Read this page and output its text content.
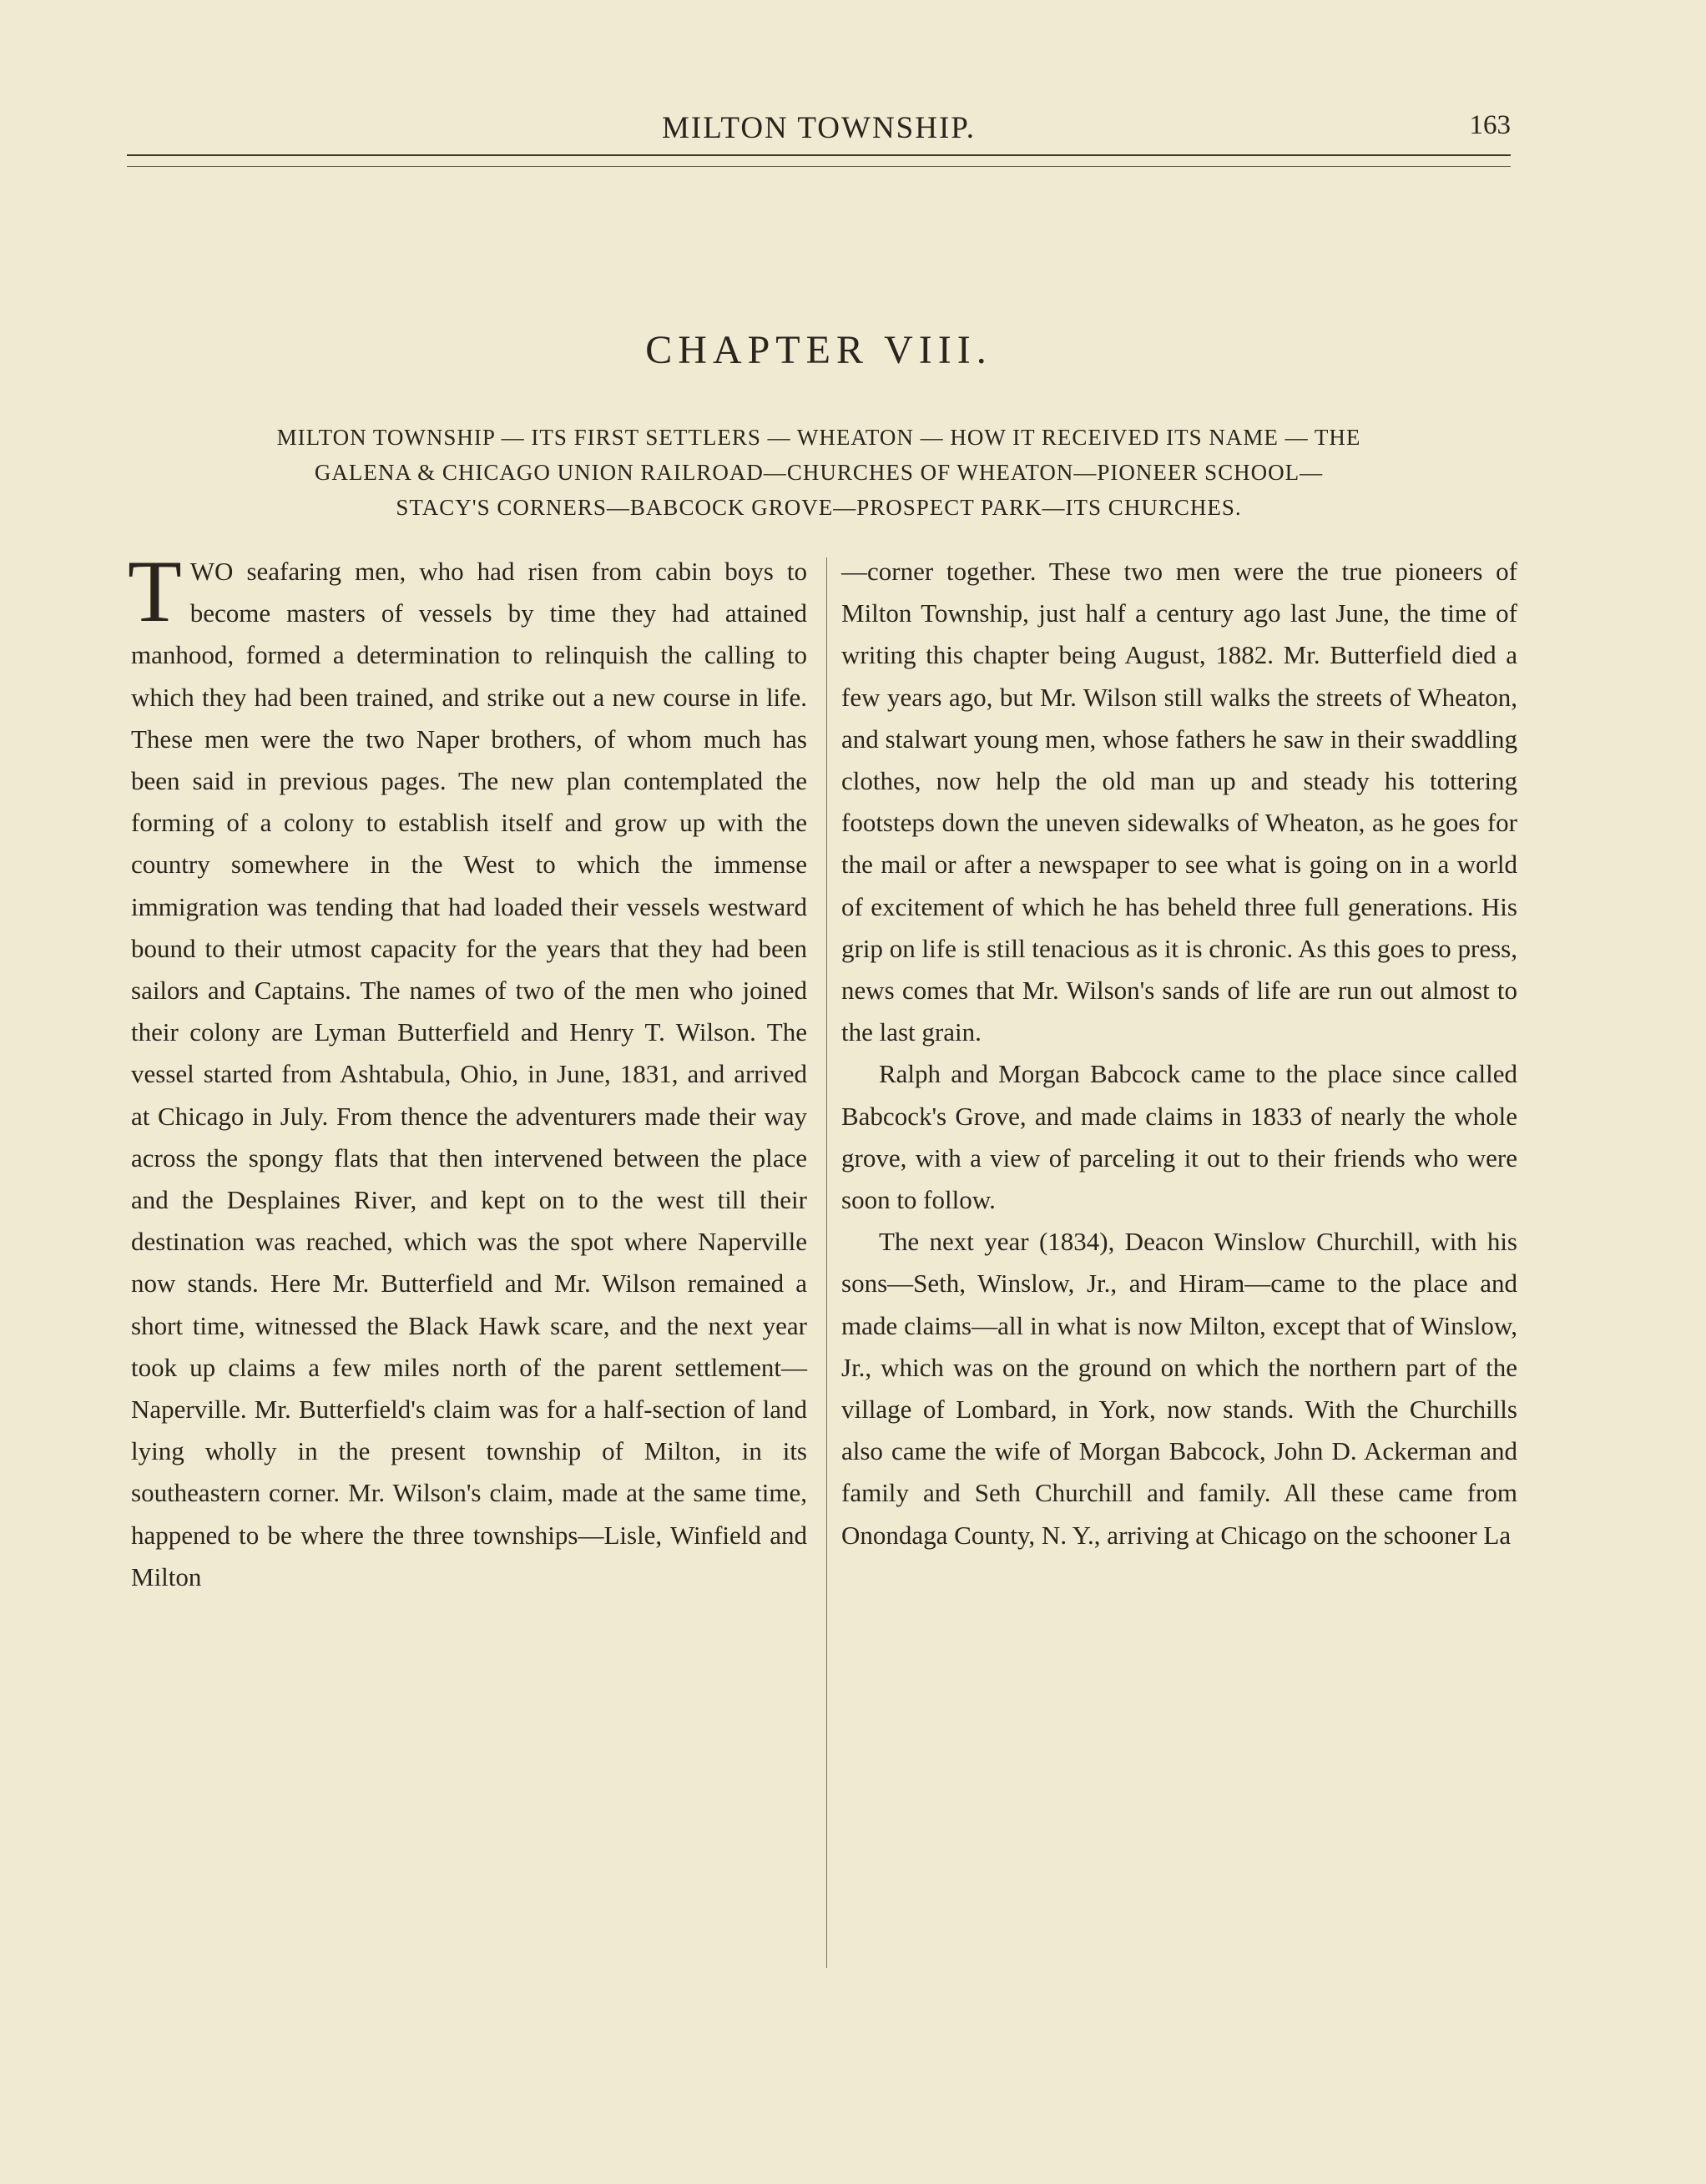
MILTON TOWNSHIP.	163
CHAPTER VIII.
MILTON TOWNSHIP — ITS FIRST SETTLERS — WHEATON — HOW IT RECEIVED ITS NAME — THE
GALENA & CHICAGO UNION RAILROAD—CHURCHES OF WHEATON—PIONEER SCHOOL—
STACY'S CORNERS—BABCOCK GROVE—PROSPECT PARK—ITS CHURCHES.

TWO seafaring men, who had risen from cabin boys to become masters of vessels by time they had attained manhood, formed a determination to relinquish the calling to which they had been trained, and strike out a new course in life. These men were the two Naper brothers, of whom much has been said in previous pages. The new plan contemplated the forming of a colony to establish itself and grow up with the country somewhere in the West to which the immense immigration was tending that had loaded their vessels westward bound to their utmost capacity for the years that they had been sailors and Captains. The names of two of the men who joined their colony are Lyman Butterfield and Henry T. Wilson. The vessel started from Ashtabula, Ohio, in June, 1831, and arrived at Chicago in July. From thence the adventurers made their way across the spongy flats that then intervened between the place and the Desplaines River, and kept on to the west till their destination was reached, which was the spot where Naperville now stands. Here Mr. Butterfield and Mr. Wilson remained a short time, witnessed the Black Hawk scare, and the next year took up claims a few miles north of the parent settlement—Naperville. Mr. Butterfield's claim was for a half-section of land lying wholly in the present township of Milton, in its southeastern corner. Mr. Wilson's claim, made at the same time, happened to be where the three townships—Lisle, Winfield and Milton

—corner together. These two men were the true pioneers of Milton Township, just half a century ago last June, the time of writing this chapter being August, 1882. Mr. Butterfield died a few years ago, but Mr. Wilson still walks the streets of Wheaton, and stalwart young men, whose fathers he saw in their swaddling clothes, now help the old man up and steady his tottering footsteps down the uneven sidewalks of Wheaton, as he goes for the mail or after a newspaper to see what is going on in a world of excitement of which he has beheld three full generations. His grip on life is still tenacious as it is chronic. As this goes to press, news comes that Mr. Wilson's sands of life are run out almost to the last grain.

Ralph and Morgan Babcock came to the place since called Babcock's Grove, and made claims in 1833 of nearly the whole grove, with a view of parceling it out to their friends who were soon to follow.

The next year (1834), Deacon Winslow Churchill, with his sons—Seth, Winslow, Jr., and Hiram—came to the place and made claims—all in what is now Milton, except that of Winslow, Jr., which was on the ground on which the northern part of the village of Lombard, in York, now stands. With the Churchills also came the wife of Morgan Babcock, John D. Ackerman and family and Seth Churchill and family. All these came from Onondaga County, N. Y., arriving at Chicago on the schooner La
